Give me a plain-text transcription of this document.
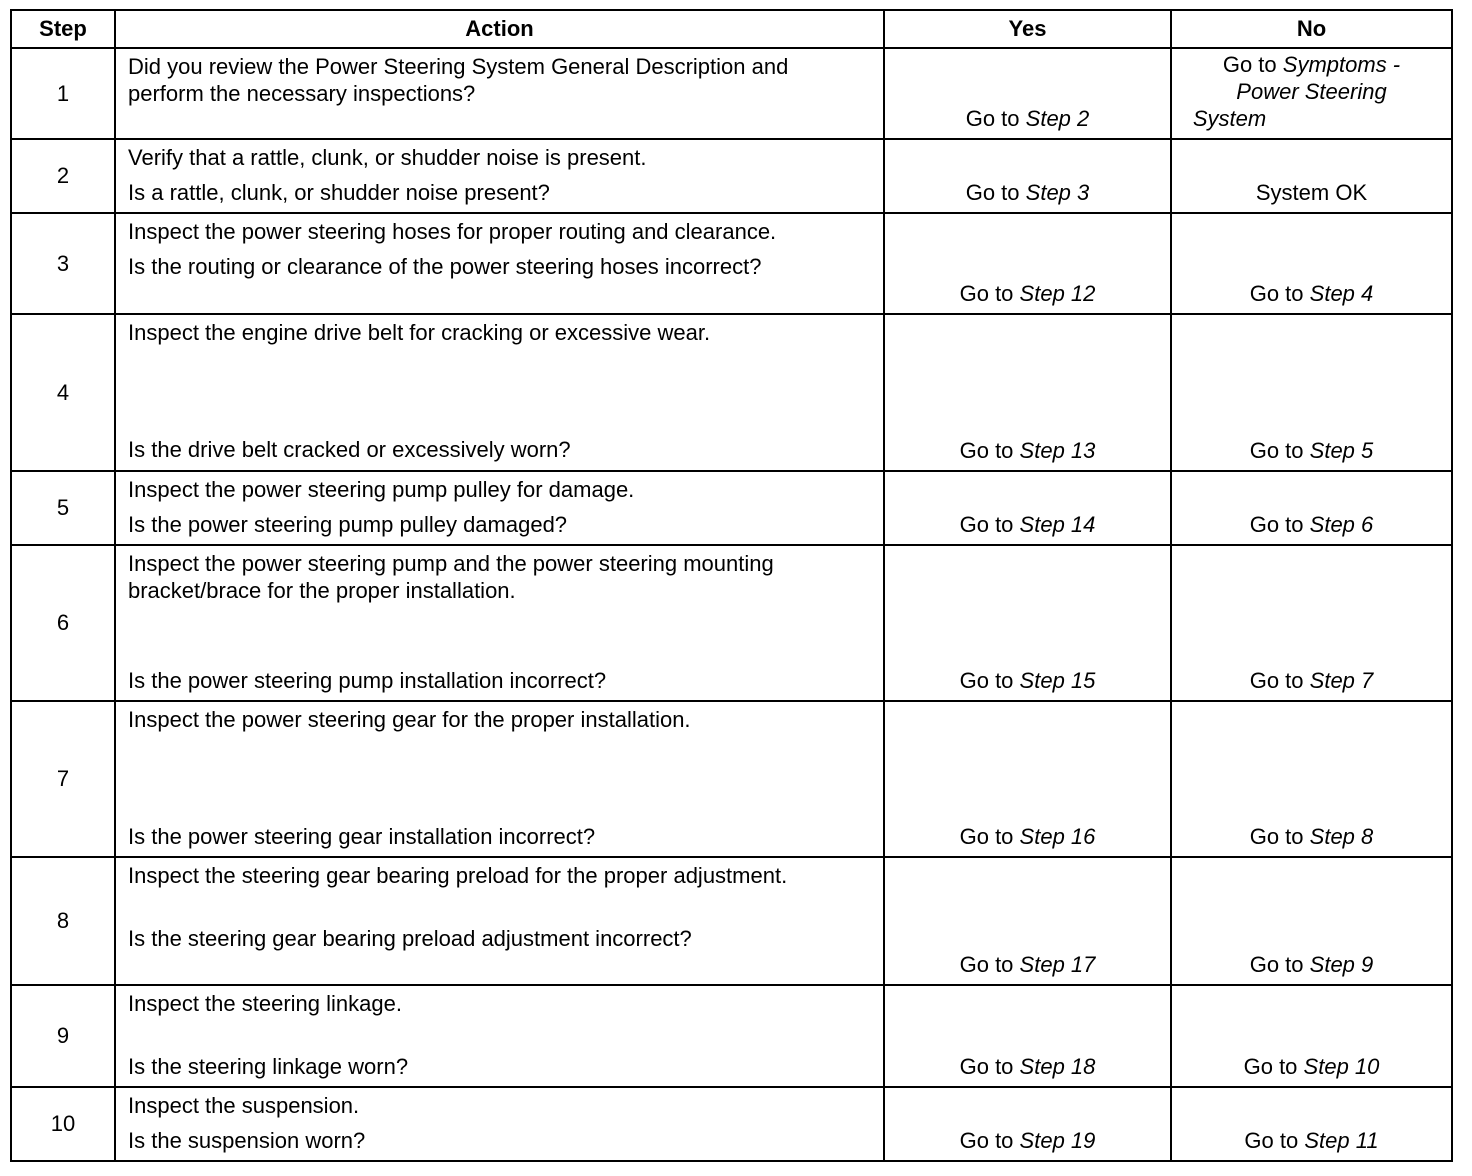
Step	Action	Yes	No
1	Did you review the Power Steering System General Description and perform the necessary inspections?	Go to Step 2	Go to Symptoms -
Power Steering
System

2	Verify that a rattle, clunk, or shudder noise is present.
Is a rattle, clunk, or shudder noise present?	Go to Step 3	System OK
3	Inspect the power steering hoses for proper routing and clearance.
Is the routing or clearance of the power steering hoses incorrect?	Go to Step 12	Go to Step 4
4	Inspect the engine drive belt for cracking or excessive wear.
Is the drive belt cracked or excessively worn?	Go to Step 13	Go to Step 5
5	Inspect the power steering pump pulley for damage.
Is the power steering pump pulley damaged?	Go to Step 14	Go to Step 6
6	Inspect the power steering pump and the power steering mounting bracket/brace for the proper installation.
Is the power steering pump installation incorrect?	Go to Step 15	Go to Step 7
7	Inspect the power steering gear for the proper installation.
Is the power steering gear installation incorrect?	Go to Step 16	Go to Step 8
8	Inspect the steering gear bearing preload for the proper adjustment.
Is the steering gear bearing preload adjustment incorrect?	Go to Step 17	Go to Step 9
9	Inspect the steering linkage.
Is the steering linkage worn?	Go to Step 18	Go to Step 10
10	Inspect the suspension.
Is the suspension worn?	Go to Step 19	Go to Step 11
